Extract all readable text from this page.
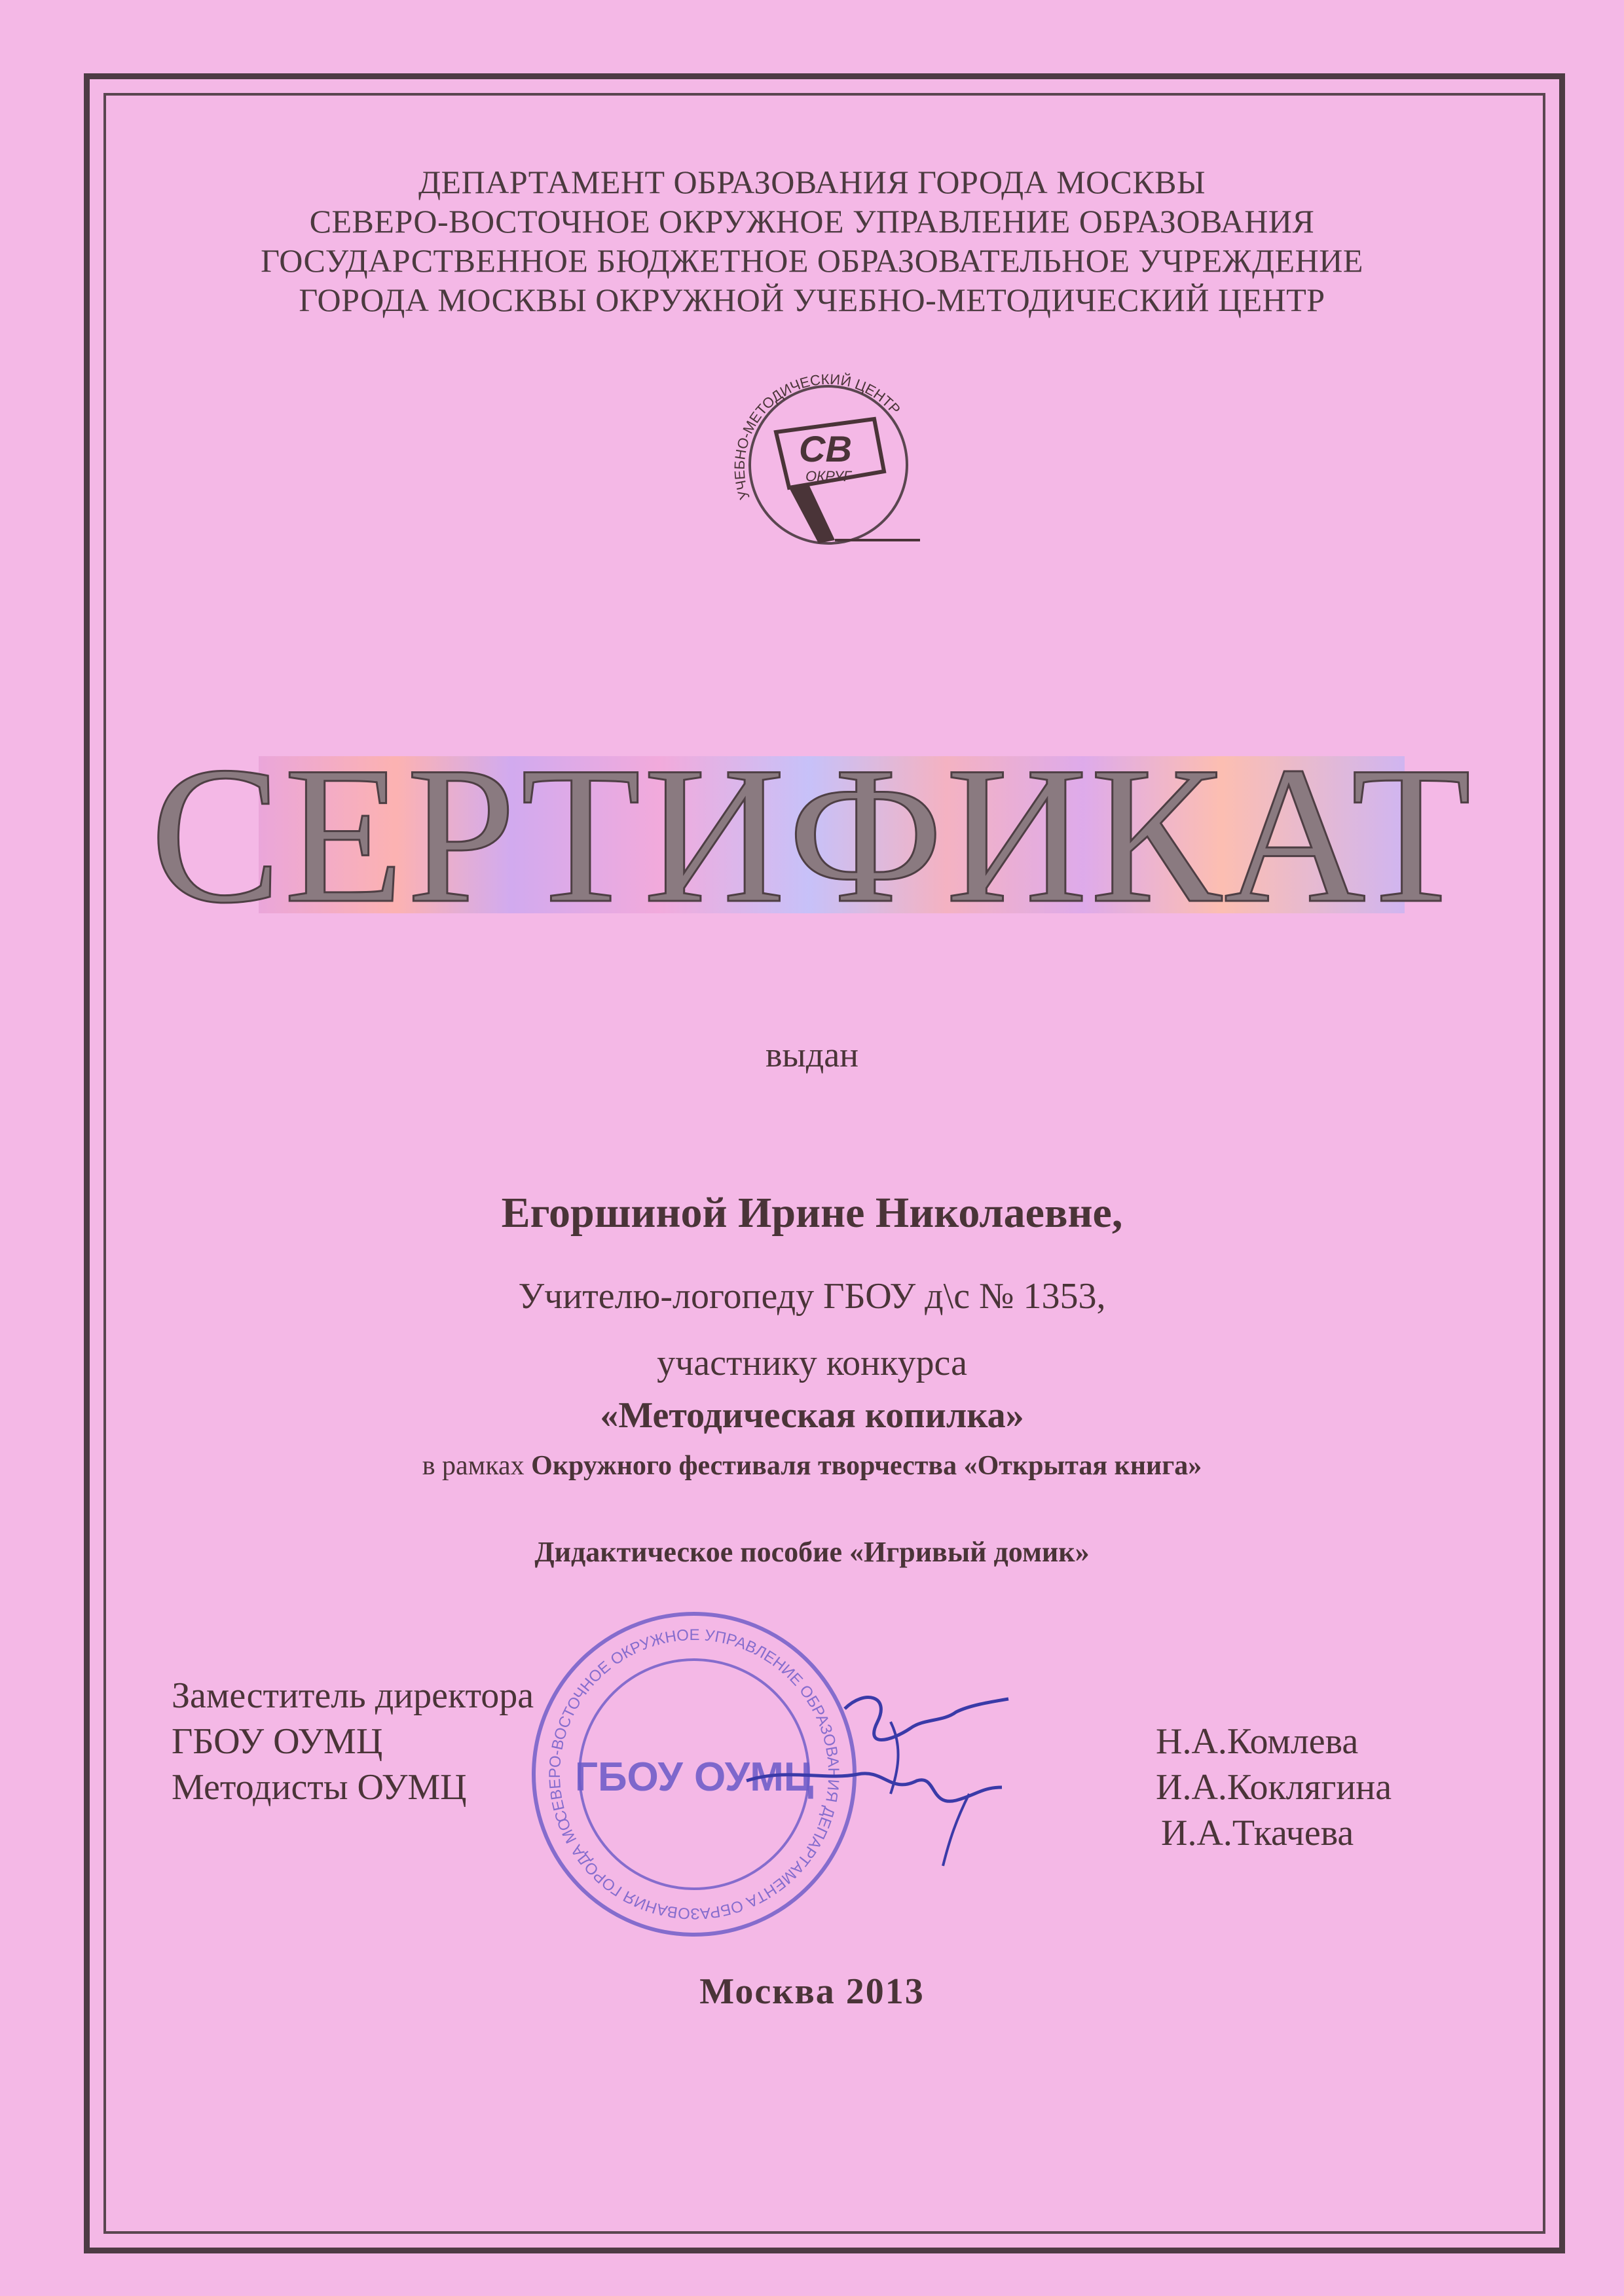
ДЕПАРТАМЕНТ ОБРАЗОВАНИЯ ГОРОДА МОСКВЫ
СЕВЕРО-ВОСТОЧНОЕ ОКРУЖНОЕ УПРАВЛЕНИЕ ОБРАЗОВАНИЯ
ГОСУДАРСТВЕННОЕ БЮДЖЕТНОЕ ОБРАЗОВАТЕЛЬНОЕ УЧРЕЖДЕНИЕ
ГОРОДА МОСКВЫ ОКРУЖНОЙ УЧЕБНО-МЕТОДИЧЕСКИЙ ЦЕНТР
УЧЕБНО-МЕТОДИЧЕСКИЙ ЦЕНТР
СВ
ОКРУГ
СЕРТИФИКАТ
выдан
Егоршиной Ирине Николаевне,
Учителю-логопеду ГБОУ д\с № 1353,
участнику конкурса
«Методическая копилка»
в рамках Окружного фестиваля творчества «Открытая книга»
Дидактическое пособие «Игривый домик»
Заместитель директора
ГБОУ ОУМЦ
Методисты ОУМЦ
Н.А.Комлева
И.А.Коклягина
И.А.Ткачева
СЕВЕРО-ВОСТОЧНОЕ ОКРУЖНОЕ УПРАВЛЕНИЕ ОБРАЗОВАНИЯ ДЕПАРТАМЕНТА ОБРАЗОВАНИЯ ГОРОДА МОСКВЫ
ГБОУ ОУМЦ
Москва 2013
